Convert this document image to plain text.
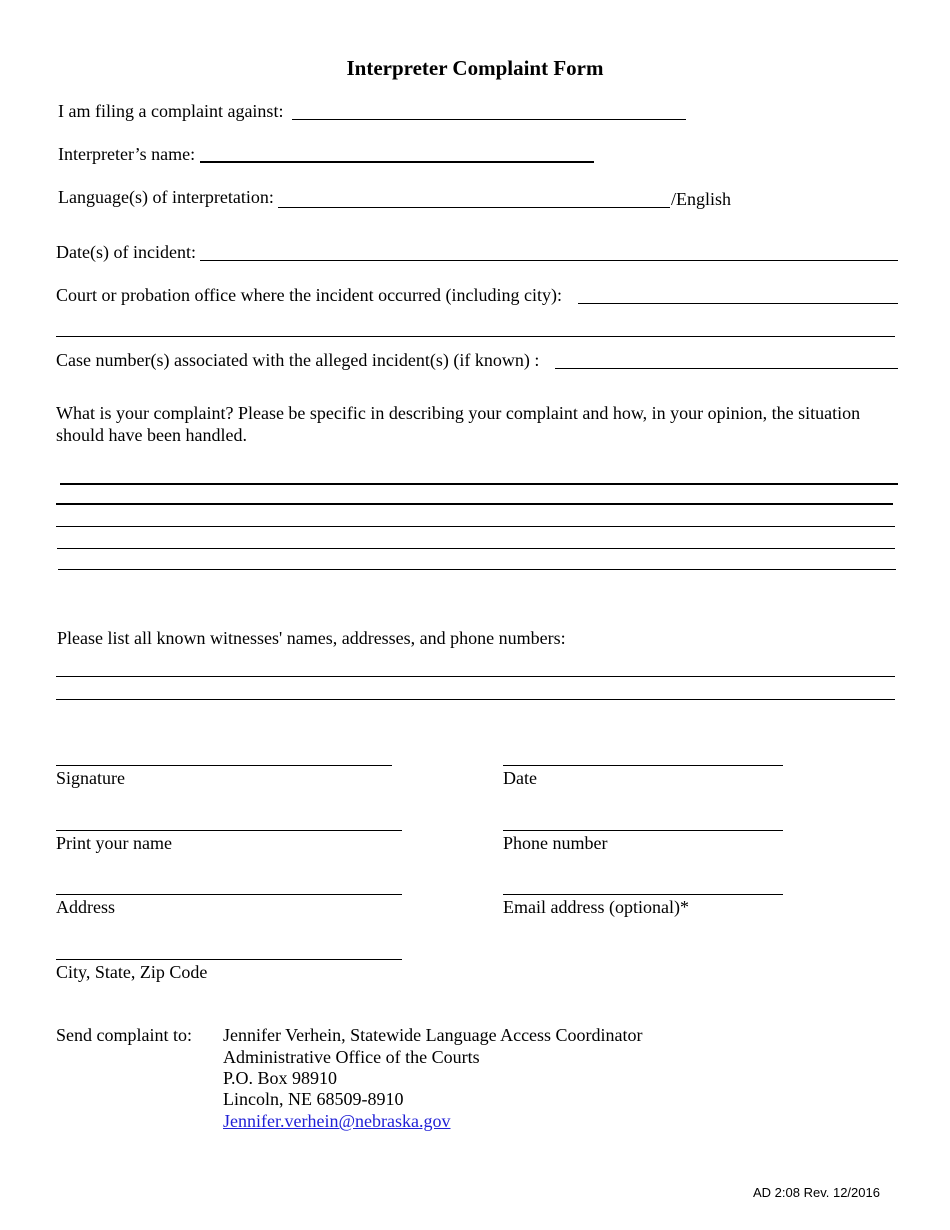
Interpreter Complaint Form
I am filing a complaint against:
Interpreter’s name:
Language(s) of interpretation:	/English
Date(s) of incident:
Court or probation office where the incident occurred (including city):
Case number(s) associated with the alleged incident(s) (if known) :
What is your complaint? Please be specific in describing your complaint and how, in your opinion, the situation
should have been handled.
Please list all known witnesses' names, addresses, and phone numbers:
Signature
Print your name
Address
City, State, Zip Code
Date
Phone number
Email address (optional)*
Send complaint to: Jennifer Verhein, Statewide Language Access Coordinator
Administrative Office of the Courts
P.O. Box 98910
Lincoln, NE 68509-8910
Jennifer.verhein@nebraska.gov
AD 2:08 Rev. 12/2016
